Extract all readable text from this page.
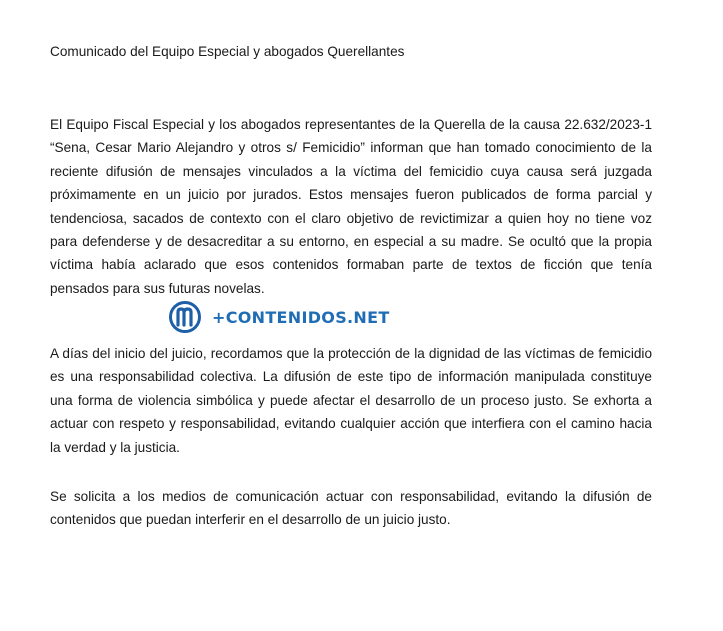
Comunicado del Equipo Especial y abogados Querellantes

El Equipo Fiscal Especial y los abogados representantes de la Querella de la causa 22.632/2023-1 “Sena, Cesar Mario Alejandro y otros s/ Femicidio” informan que han tomado conocimiento de la reciente difusión de mensajes vinculados a la víctima del femicidio cuya causa será juzgada próximamente en un juicio por jurados. Estos mensajes fueron publicados de forma parcial y tendenciosa, sacados de contexto con el claro objetivo de revictimizar a quien hoy no tiene voz para defenderse y de desacreditar a su entorno, en especial a su madre. Se ocultó que la propia víctima había aclarado que esos contenidos formaban parte de textos de ficción que tenía pensados para sus futuras novelas.

A días del inicio del juicio, recordamos que la protección de la dignidad de las víctimas de femicidio es una responsabilidad colectiva. La difusión de este tipo de información manipulada constituye una forma de violencia simbólica y puede afectar el desarrollo de un proceso justo. Se exhorta a actuar con respeto y responsabilidad, evitando cualquier acción que interfiera con el camino hacia la verdad y la justicia.

Se solicita a los medios de comunicación actuar con responsabilidad, evitando la difusión de contenidos que puedan interferir en el desarrollo de un juicio justo.

+CONTENIDOS.NET
